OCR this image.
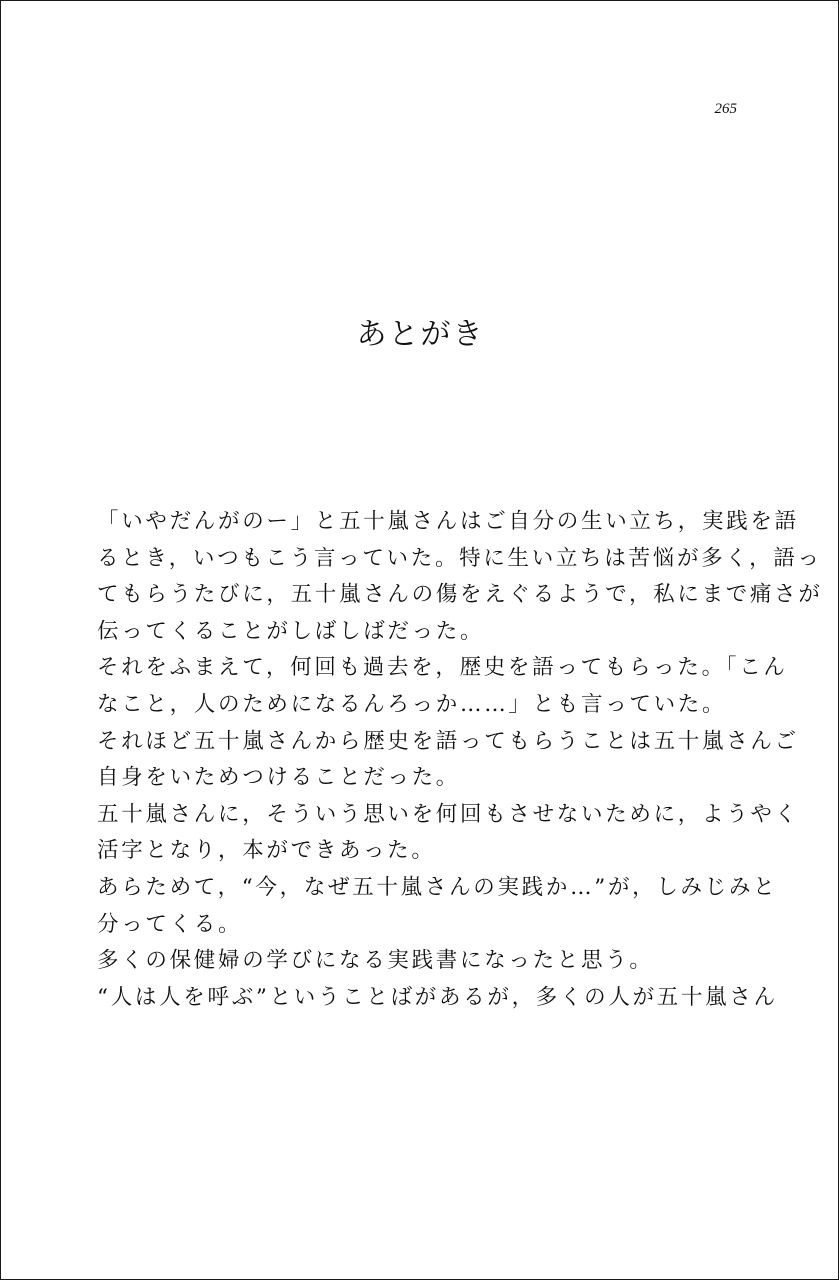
265
あとがき

「いやだんがのー」と五十嵐さんはご自分の生い立ち，実践を語
るとき，いつもこう言っていた。特に生い立ちは苦悩が多く，語っ
てもらうたびに，五十嵐さんの傷をえぐるようで，私にまで痛さが
伝ってくることがしばしばだった。

それをふまえて，何回も過去を，歴史を語ってもらった。「こん
なこと，人のためになるんろっか……」とも言っていた。

それほど五十嵐さんから歴史を語ってもらうことは五十嵐さんご
自身をいためつけることだった。

五十嵐さんに，そういう思いを何回もさせないために，ようやく
活字となり，本ができあった。

あらためて，“今，なぜ五十嵐さんの実践か…”が，しみじみと
分ってくる。

多くの保健婦の学びになる実践書になったと思う。

“人は人を呼ぶ”ということばがあるが，多くの人が五十嵐さん
